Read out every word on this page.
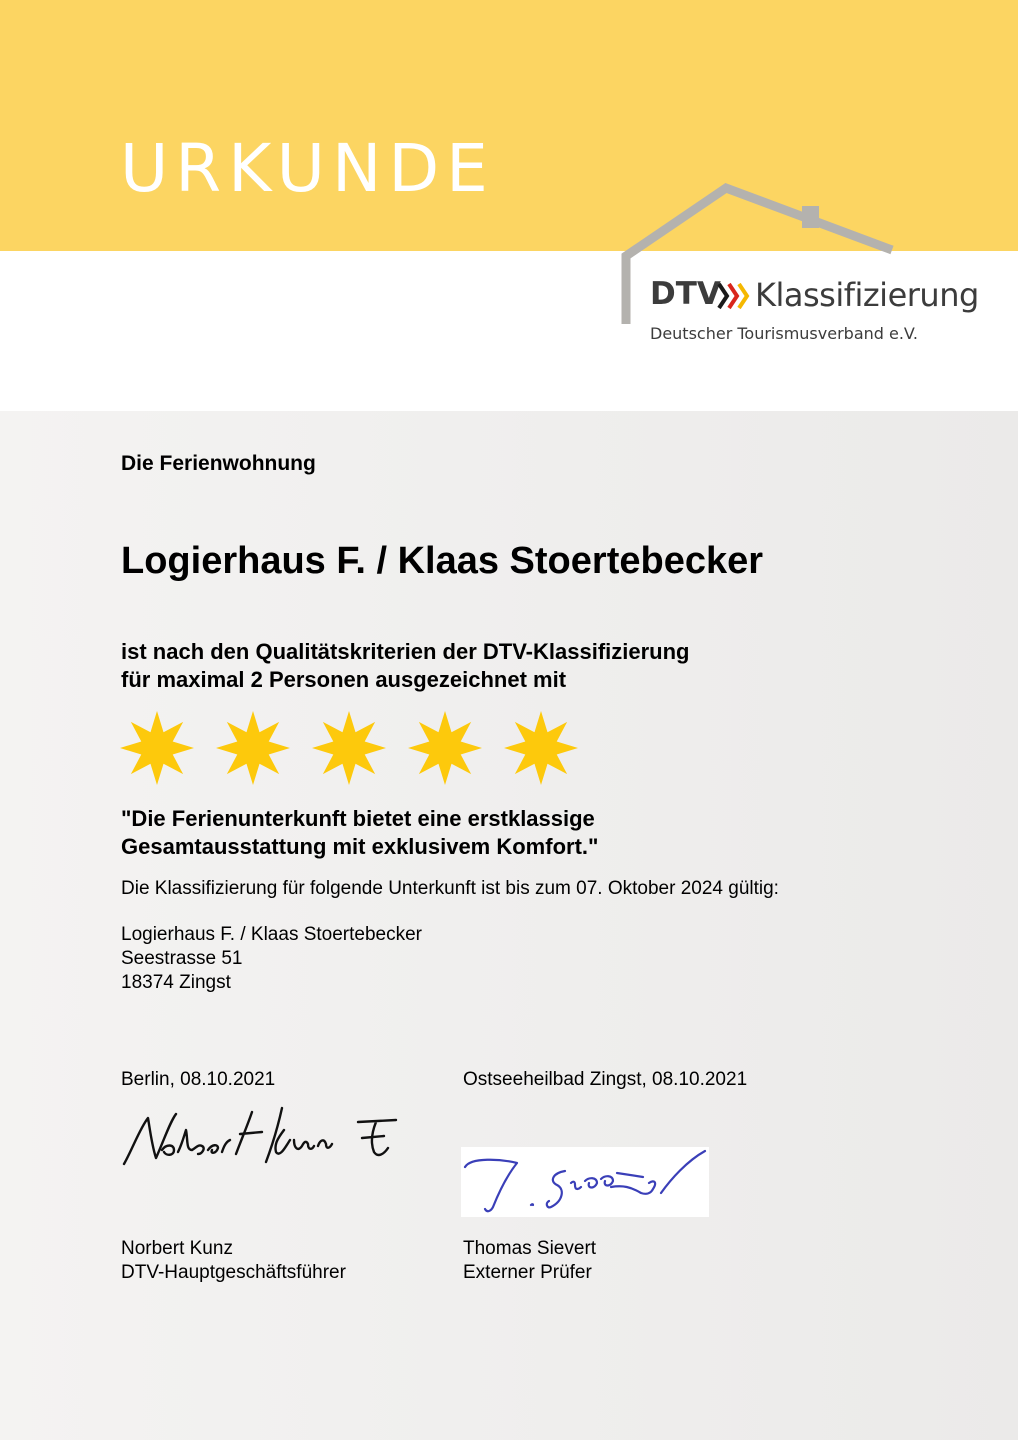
URKUNDE
DTV Klassifizierung
Deutscher Tourismusverband e.V.

Die Ferienwohnung

Logierhaus F. / Klaas Stoertebecker

ist nach den Qualitätskriterien der DTV-Klassifizierung
für maximal 2 Personen ausgezeichnet mit

"Die Ferienunterkunft bietet eine erstklassige
Gesamtausstattung mit exklusivem Komfort."

Die Klassifizierung für folgende Unterkunft ist bis zum 07. Oktober 2024 gültig:

Logierhaus F. / Klaas Stoertebecker
Seestrasse 51
18374 Zingst

Berlin, 08.10.2021	Ostseeheilbad Zingst, 08.10.2021
Norbert Kunz
DTV-Hauptgeschäftsführer
Thomas Sievert
Externer Prüfer
